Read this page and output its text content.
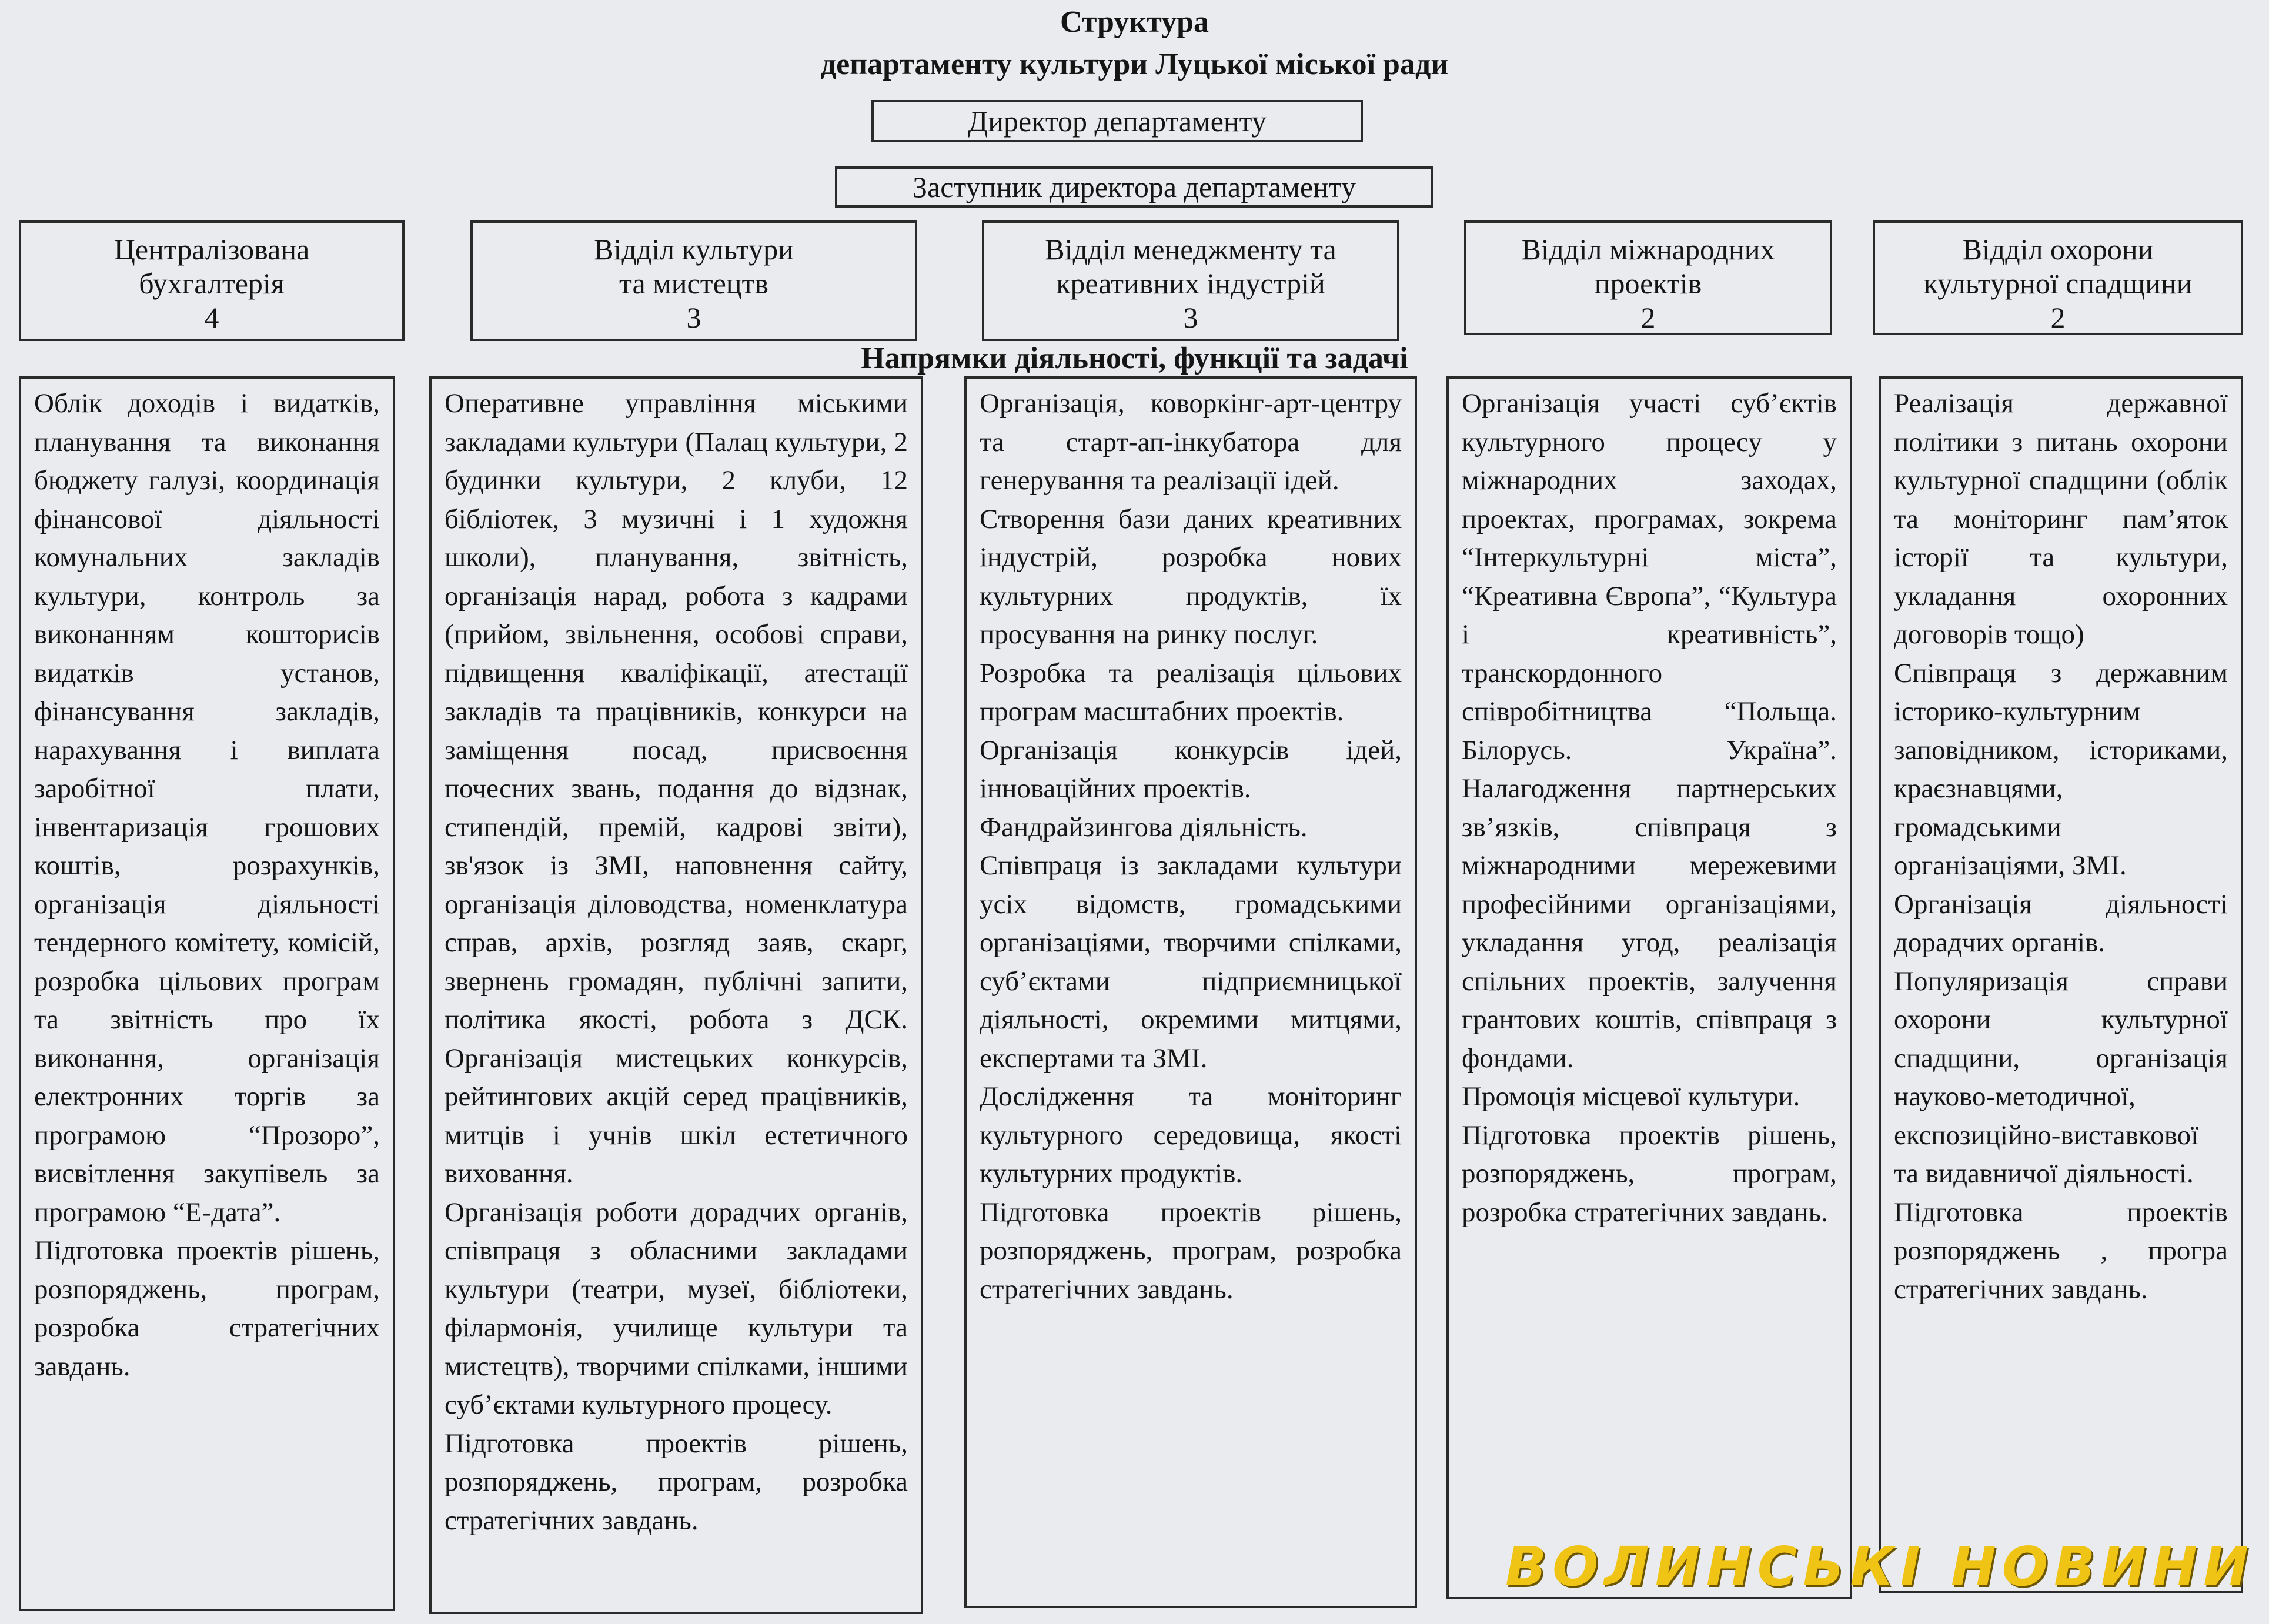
Структура
департаменту культури Луцької міської ради
Директор департаменту
Заступник директора департаменту
Централізована
бухгалтерія
4
Відділ культури
та мистецтв
3
Відділ менеджменту та
креативних індустрій
3
Відділ міжнародних
проектів
2
Відділ охорони
культурної спадщини
2
Напрямки діяльності, функції та задачі

Облік доходів і видатків, планування та виконання бюджету галузі, координація фінансової діяльності комунальних закладів культури, контроль за виконанням кошторисів видатків установ, фінансування закладів, нарахування і виплата заробітної плати, інвентаризація грошових коштів, розрахунків, організація діяльності тендерного комітету, комісій, розробка цільових програм та звітність про їх виконання, організація електронних торгів за програмою “Прозоро”, висвітлення закупівель за програмою “Е-дата”.

Підготовка проектів рішень, розпоряджень, програм, розробка стратегічних завдань.

Оперативне управління міськими закладами культури (Палац культури, 2 будинки культури, 2 клуби, 12 бібліотек, 3 музичні і 1 художня школи), планування, звітність, організація нарад, робота з кадрами (прийом, звільнення, особові справи, підвищення кваліфікації, атестації закладів та працівників, конкурси на заміщення посад, присвоєння почесних звань, подання до відзнак, стипендій, премій, кадрові звіти), зв'язок із ЗМІ, наповнення сайту, організація діловодства, номенклатура справ, архів, розгляд заяв, скарг, звернень громадян, публічні запити, політика якості, робота з ДСК. Організація мистецьких конкурсів, рейтингових акцій серед працівників, митців і учнів шкіл естетичного виховання.

Організація роботи дорадчих органів, співпраця з обласними закладами культури (театри, музеї, бібліотеки, філармонія, училище культури та мистецтв), творчими спілками, іншими суб’єктами культурного процесу.

Підготовка проектів рішень, розпоряджень, програм, розробка стратегічних завдань.

Організація, коворкінг-арт-центру та старт-ап-інкубатора для генерування та реалізації ідей.

Створення бази даних креативних індустрій, розробка нових культурних продуктів, їх просування на ринку послуг.

Розробка та реалізація цільових програм масштабних проектів.

Організація конкурсів ідей, інноваційних проектів.

Фандрайзингова діяльність.

Співпраця із закладами культури усіх відомств, громадськими організаціями, творчими спілками, суб’єктами підприємницької діяльності, окремими митцями, експертами та ЗМІ.

Дослідження та моніторинг культурного середовища, якості культурних продуктів.

Підготовка проектів рішень, розпоряджень, програм, розробка стратегічних завдань.

Організація участі суб’єктів культурного процесу у міжнародних заходах, проектах, програмах, зокрема “Інтеркультурні міста”, “Креативна Європа”, “Культура і креативність”, транскордонного співробітництва “Польща. Білорусь. Україна”. Налагодження партнерських зв’язків, співпраця з міжнародними мережевими професійними організаціями, укладання угод, реалізація спільних проектів, залучення грантових коштів, співпраця з фондами.

Промоція місцевої культури.

Підготовка проектів рішень, розпоряджень, програм, розробка стратегічних завдань.

Реалізація державної політики з питань охорони культурної спадщини (облік та моніторинг пам’яток історії та культури, укладання охоронних договорів тощо)

Співпраця з державним історико-культурним заповідником, істориками, краєзнавцями, громадськими організаціями, ЗМІ.

Організація діяльності дорадчих органів.

Популяризація справи охорони культурної спадщини, організація науково-методичної, експозиційно-виставкової та видавничої діяльності.

Підготовка проектів розпоряджень , програ стратегічних завдань.

ВОЛИНСЬКІ НОВИНИ
